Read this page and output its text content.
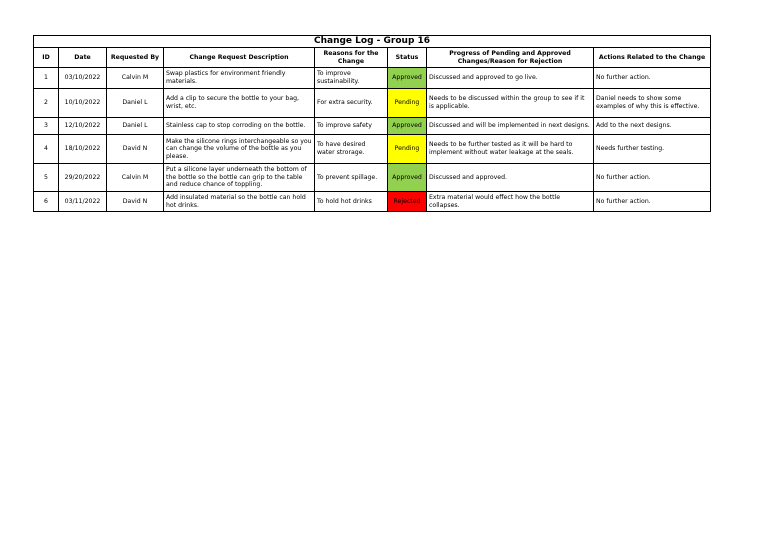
Change Log - Group 16							
ID	Date	Requested By	Change Request Description	Reasons for the Change	Status	Progress of Pending and Approved Changes/Reason for Rejection	Actions Related to the Change
1	03/10/2022	Calvin M	Swap plastics for environment friendly materials.	To improve sustainability.	Approved	Discussed and approved to go live.	No further action.
2	10/10/2022	Daniel L	Add a clip to secure the bottle to your bag, wrist, etc.	For extra security.	Pending	Needs to be discussed within the group to see if it is applicable.	Daniel needs to show some examples of why this is effective.
3	12/10/2022	Daniel L	Stainless cap to stop corroding on the bottle.	To improve safety	Approved	Discussed and will be implemented in next designs.	Add to the next designs.
4	18/10/2022	David N	Make the silicone rings interchangeable so you can change the volume of the bottle as you please.	To have desired water strorage.	Pending	Needs to be further tested as it will be hard to implement without water leakage at the seals.	Needs further testing.
5	29/20/2022	Calvin M	Put a silicone layer underneath the bottom of the bottle so the bottle can grip to the table and reduce chance of toppling.	To prevent spillage.	Approved	Discussed and approved.	No further action.
6	03/11/2022	David N	Add insulated material so the bottle can hold hot drinks.	To hold hot drinks	Rejected	Extra material would effect how the bottle collapses.	No further action.
